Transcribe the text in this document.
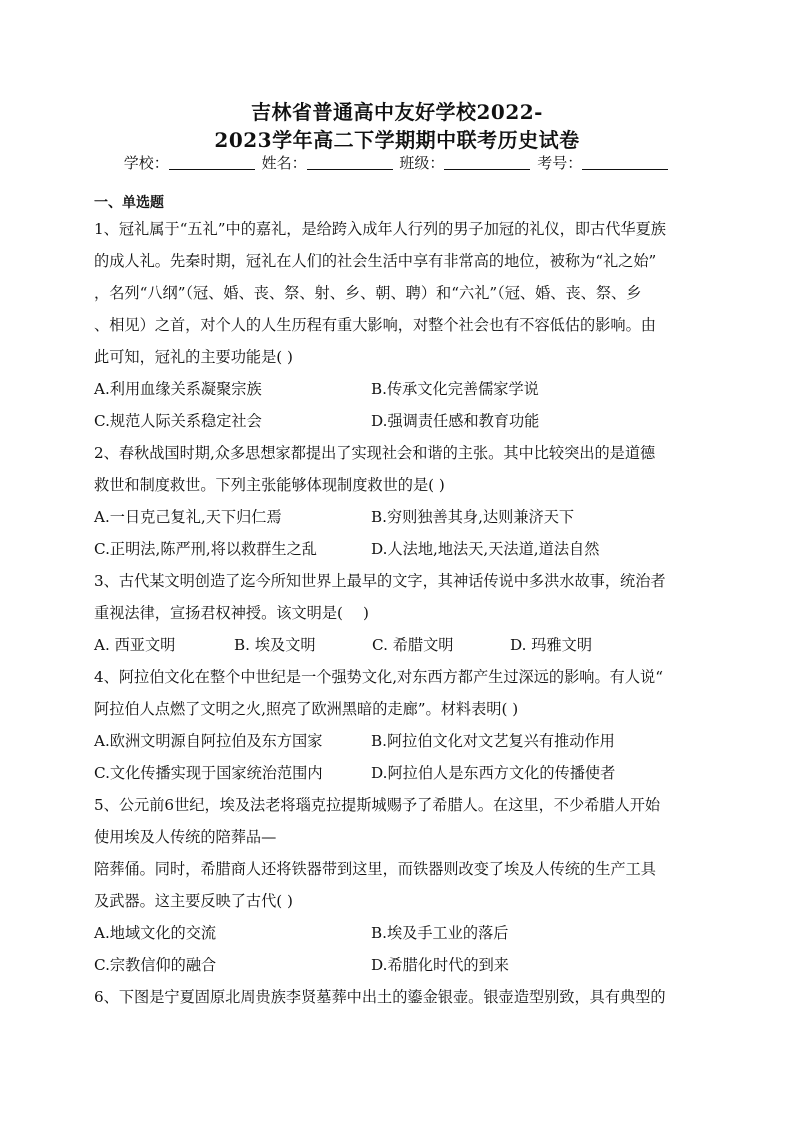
吉林省普通高中友好学校2022-
2023学年高二下学期期中联考历史试卷
学校：	姓名：	班级：	考号：
一、单选题
1、冠礼属于“五礼”中的嘉礼，是给跨入成年人行列的男子加冠的礼仪，即古代华夏族
的成人礼。先秦时期，冠礼在人们的社会生活中享有非常高的地位，被称为“礼之始”
，名列“八纲”（冠、婚、丧、祭、射、乡、朝、聘）和“六礼”（冠、婚、丧、祭、乡
、相见）之首，对个人的人生历程有重大影响，对整个社会也有不容低估的影响。由
此可知，冠礼的主要功能是( )
A.利用血缘关系凝聚宗族	B.传承文化完善儒家学说
C.规范人际关系稳定社会	D.强调责任感和教育功能
2、春秋战国时期,众多思想家都提出了实现社会和谐的主张。其中比较突出的是道德
救世和制度救世。下列主张能够体现制度救世的是( )
A.一日克己复礼,天下归仁焉	B.穷则独善其身,达则兼济天下
C.正明法,陈严刑,将以救群生之乱	D.人法地,地法天,天法道,道法自然
3、古代某文明创造了迄今所知世界上最早的文字，其神话传说中多洪水故事，统治者
重视法律，宣扬君权神授。该文明是(　 )
A. 西亚文明	B. 埃及文明	C. 希腊文明	D. 玛雅文明
4、阿拉伯文化在整个中世纪是一个强势文化,对东西方都产生过深远的影响。有人说“
阿拉伯人点燃了文明之火,照亮了欧洲黑暗的走廊”。材料表明( )
A.欧洲文明源自阿拉伯及东方国家	B.阿拉伯文化对文艺复兴有推动作用
C.文化传播实现于国家统治范围内	D.阿拉伯人是东西方文化的传播使者
5、公元前6世纪，埃及法老将瑙克拉提斯城赐予了希腊人。在这里，不少希腊人开始
使用埃及人传统的陪葬品—
陪葬俑。同时，希腊商人还将铁器带到这里，而铁器则改变了埃及人传统的生产工具
及武器。这主要反映了古代( )
A.地域文化的交流	B.埃及手工业的落后
C.宗教信仰的融合	D.希腊化时代的到来
6、下图是宁夏固原北周贵族李贤墓葬中出土的鎏金银壶。银壶造型别致，具有典型的
